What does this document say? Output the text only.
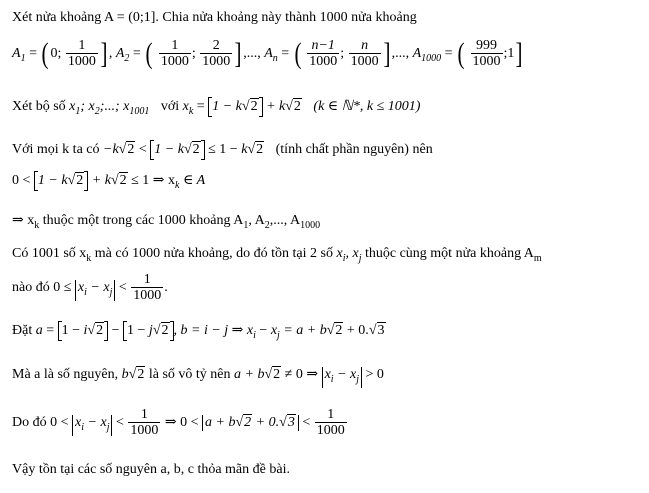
Xét nửa khoảng A = (0;1]. Chia nửa khoảng này thành 1000 nửa khoảng
$A_1$ = ( 0; $\frac{1}{1000}$ ] , $A_2$ = ( $\frac{1}{1000}$ ; $\frac{2}{1000}$ ] ,..., $A_n$ = ( $\frac{n-1}{1000}$ ; $\frac{n}{1000}$ ] ,..., $A_{1000}$ = ( $\frac{999}{1000}$ ;1]
Xét bộ số $x_1$; $x_2$;...; $x_{1001}$ với $x_k = 1 - k√2 + k√2$ (k ∈ ℕ*, k ≤ 1001)
Với mọi k ta có −k√2 < 1 − k√2 ≤ 1 − k√2 (tính chất phần nguyên) nên
0 < 1 − k√2 + k√2 ≤ 1 ⇒ $x_k$ ∈ A
⇒ $x_k$ thuộc một trong các 1000 khoảng $A_1$, $A_2$,..., $A_{1000}$
Có 1001 số $x_k$ mà có 1000 nửa khoảng, do đó tồn tại 2 số $x_i$, $x_j$ thuộc cùng một nửa khoảng $A_m$
nào đó $0 \le x_i - x_j < \frac{1}{1000}$ .
Đặt a = 1 − i√2 − 1 − j√2 , b = i − j ⇒ $x_i - x_j = a + b√2 + 0.√3$
Mà a là số nguyên, b√2 là số vô tỷ nên a + b√2 ≠ 0 ⇒ $x_i - x_j > 0$
Do đó $0 < x_i - x_j < \frac{1}{1000}$ ⇒ $0 < a + b√2 + 0.√3 < \frac{1}{1000}$
Vậy tồn tại các số nguyên a, b, c thỏa mãn đề bài.
